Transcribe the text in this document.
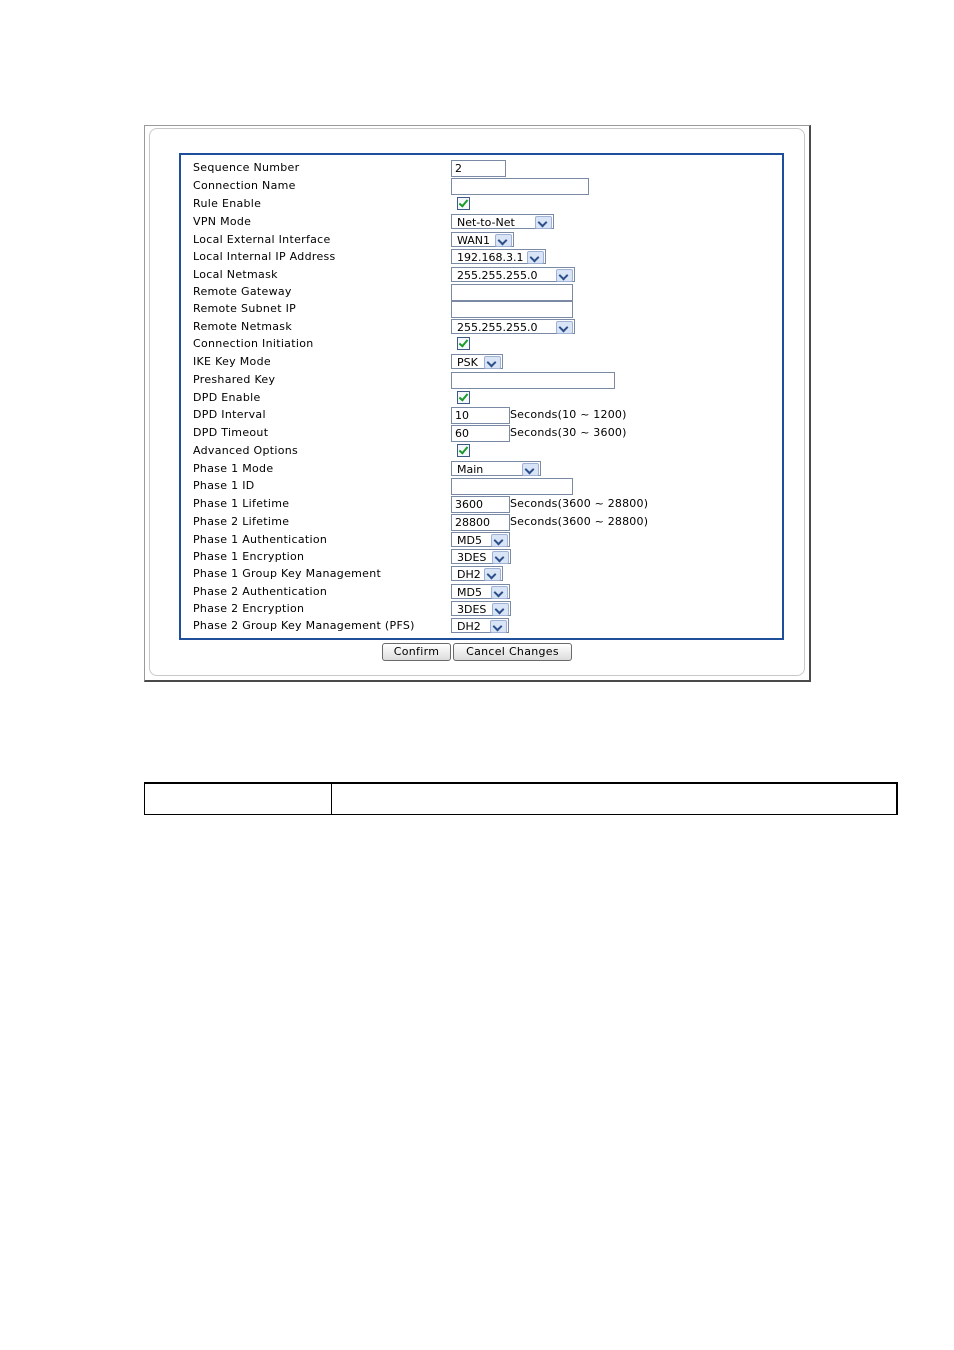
Sequence Number	2
Connection Name
Rule Enable
VPN Mode	Net-to-Net
Local External Interface	WAN1
Local Internal IP Address	192.168.3.1
Local Netmask	255.255.255.0
Remote Gateway
Remote Subnet IP
Remote Netmask	255.255.255.0
Connection Initiation
IKE Key Mode	PSK
Preshared Key
DPD Enable
DPD Interval	10	Seconds(10 ~ 1200)
DPD Timeout	60	Seconds(30 ~ 3600)
Advanced Options
Phase 1 Mode	Main
Phase 1 ID
Phase 1 Lifetime	3600	Seconds(3600 ~ 28800)
Phase 2 Lifetime	28800	Seconds(3600 ~ 28800)
Phase 1 Authentication	MD5
Phase 1 Encryption	3DES
Phase 1 Group Key Management	DH2
Phase 2 Authentication	MD5
Phase 2 Encryption	3DES
Phase 2 Group Key Management (PFS)	DH2
Confirm	Cancel Changes
